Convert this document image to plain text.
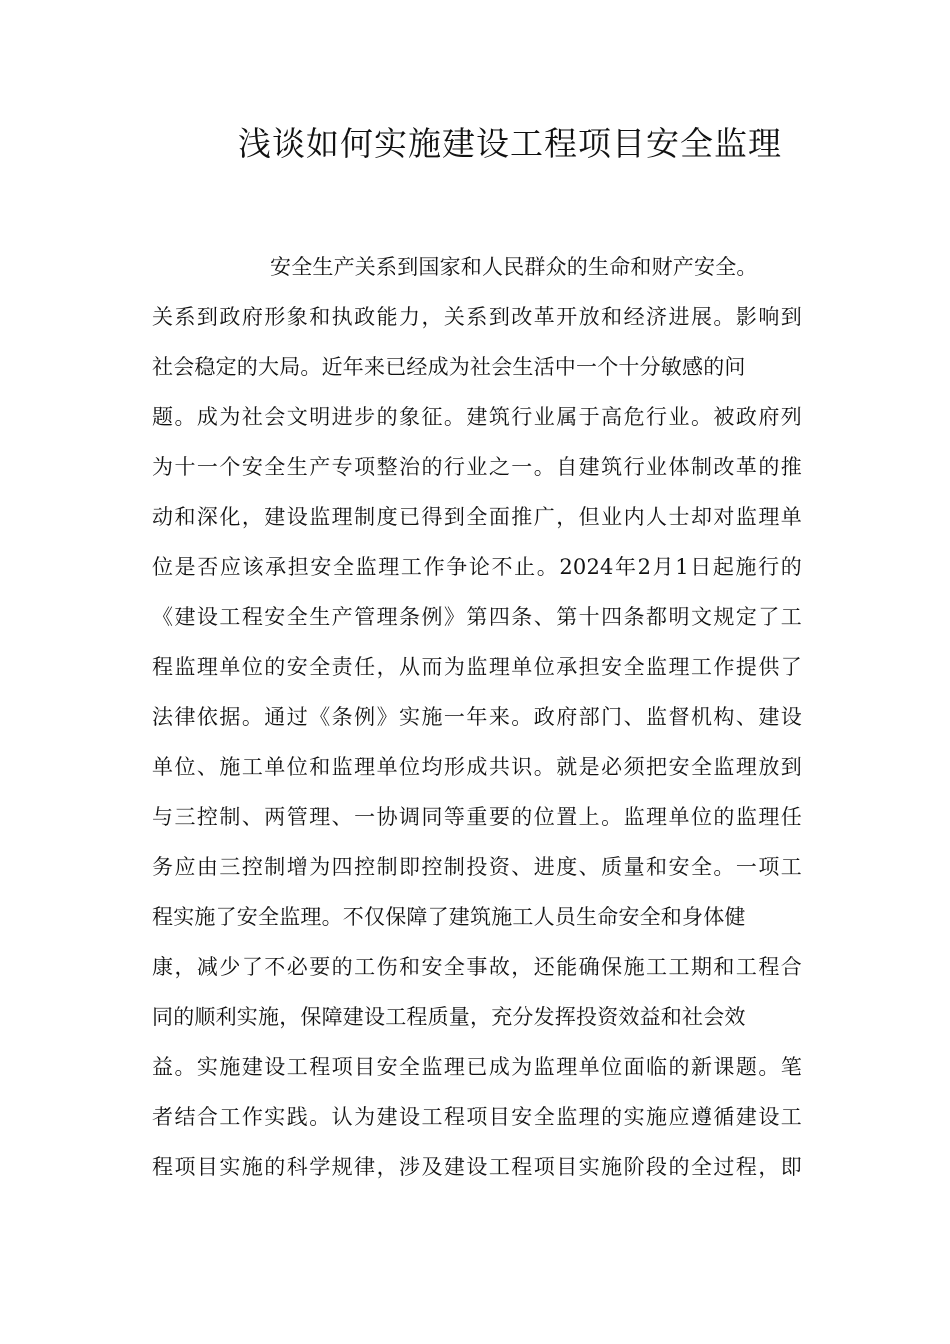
浅谈如何实施建设工程项目安全监理
安全生产关系到国家和人民群众的生命和财产安全。
关系到政府形象和执政能力，关系到改革开放和经济进展。影响到
社会稳定的大局。近年来已经成为社会生活中一个十分敏感的问
题。成为社会文明进步的象征。建筑行业属于高危行业。被政府列
为十一个安全生产专项整治的行业之一。自建筑行业体制改革的推
动和深化，建设监理制度已得到全面推广，但业内人士却对监理单
位是否应该承担安全监理工作争论不止。2024年2月1日起施行的
《建设工程安全生产管理条例》第四条、第十四条都明文规定了工
程监理单位的安全责任，从而为监理单位承担安全监理工作提供了
法律依据。通过《条例》实施一年来。政府部门、监督机构、建设
单位、施工单位和监理单位均形成共识。就是必须把安全监理放到
与三控制、两管理、一协调同等重要的位置上。监理单位的监理任
务应由三控制增为四控制即控制投资、进度、质量和安全。一项工
程实施了安全监理。不仅保障了建筑施工人员生命安全和身体健
康，减少了不必要的工伤和安全事故，还能确保施工工期和工程合
同的顺利实施，保障建设工程质量，充分发挥投资效益和社会效
益。实施建设工程项目安全监理已成为监理单位面临的新课题。笔
者结合工作实践。认为建设工程项目安全监理的实施应遵循建设工
程项目实施的科学规律，涉及建设工程项目实施阶段的全过程，即
